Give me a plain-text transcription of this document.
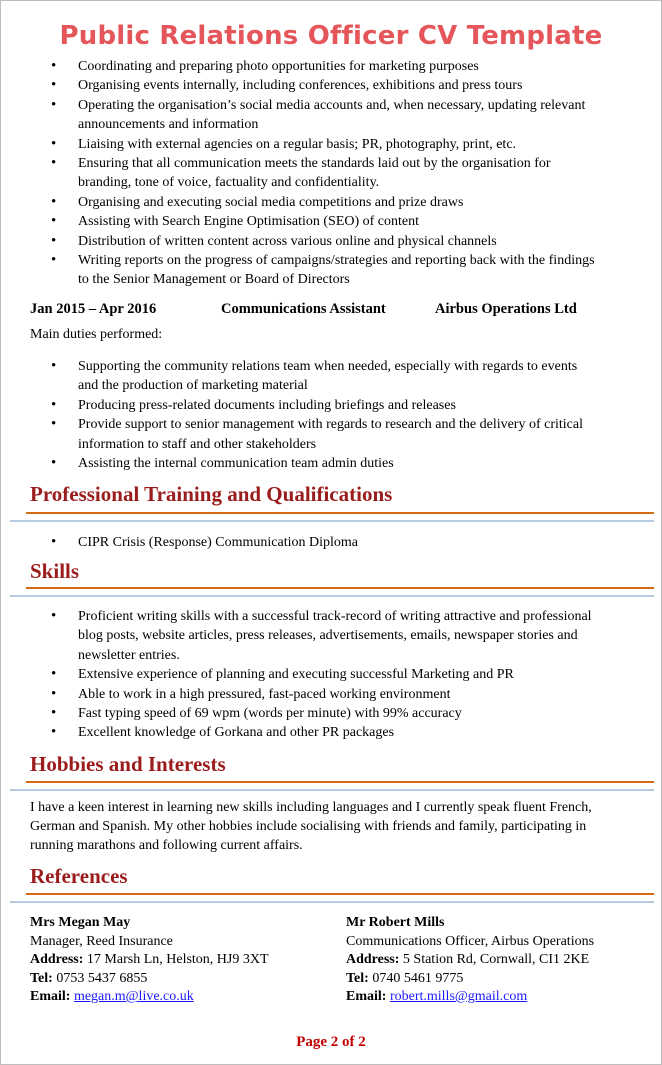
Public Relations Officer CV Template
• Coordinating and preparing photo opportunities for marketing purposes
• Organising events internally, including conferences, exhibitions and press tours
• Operating the organisation’s social media accounts and, when necessary, updating relevant announcements and information
• Liaising with external agencies on a regular basis; PR, photography, print, etc.
• Ensuring that all communication meets the standards laid out by the organisation for branding, tone of voice, factuality and confidentiality.
• Organising and executing social media competitions and prize draws
• Assisting with Search Engine Optimisation (SEO) of content
• Distribution of written content across various online and physical channels
• Writing reports on the progress of campaigns/strategies and reporting back with the findings to the Senior Management or Board of Directors
Jan 2015 – Apr 2016	Communications Assistant	Airbus Operations Ltd
Main duties performed:
• Supporting the community relations team when needed, especially with regards to events and the production of marketing material
• Producing press-related documents including briefings and releases
• Provide support to senior management with regards to research and the delivery of critical information to staff and other stakeholders
• Assisting the internal communication team admin duties
Professional Training and Qualifications
• CIPR Crisis (Response) Communication Diploma
Skills
• Proficient writing skills with a successful track-record of writing attractive and professional blog posts, website articles, press releases, advertisements, emails, newspaper stories and newsletter entries.
• Extensive experience of planning and executing successful Marketing and PR
• Able to work in a high pressured, fast-paced working environment
• Fast typing speed of 69 wpm (words per minute) with 99% accuracy
• Excellent knowledge of Gorkana and other PR packages
Hobbies and Interests
I have a keen interest in learning new skills including languages and I currently speak fluent French, German and Spanish. My other hobbies include socialising with friends and family, participating in running marathons and following current affairs.
References
Mrs Megan May
Manager, Reed Insurance
Address: 17 Marsh Ln, Helston, HJ9 3XT
Tel: 0753 5437 6855
Email: megan.m@live.co.uk
Mr Robert Mills
Communications Officer, Airbus Operations
Address: 5 Station Rd, Cornwall, CI1 2KE
Tel: 0740 5461 9775
Email: robert.mills@gmail.com
Page 2 of 2
